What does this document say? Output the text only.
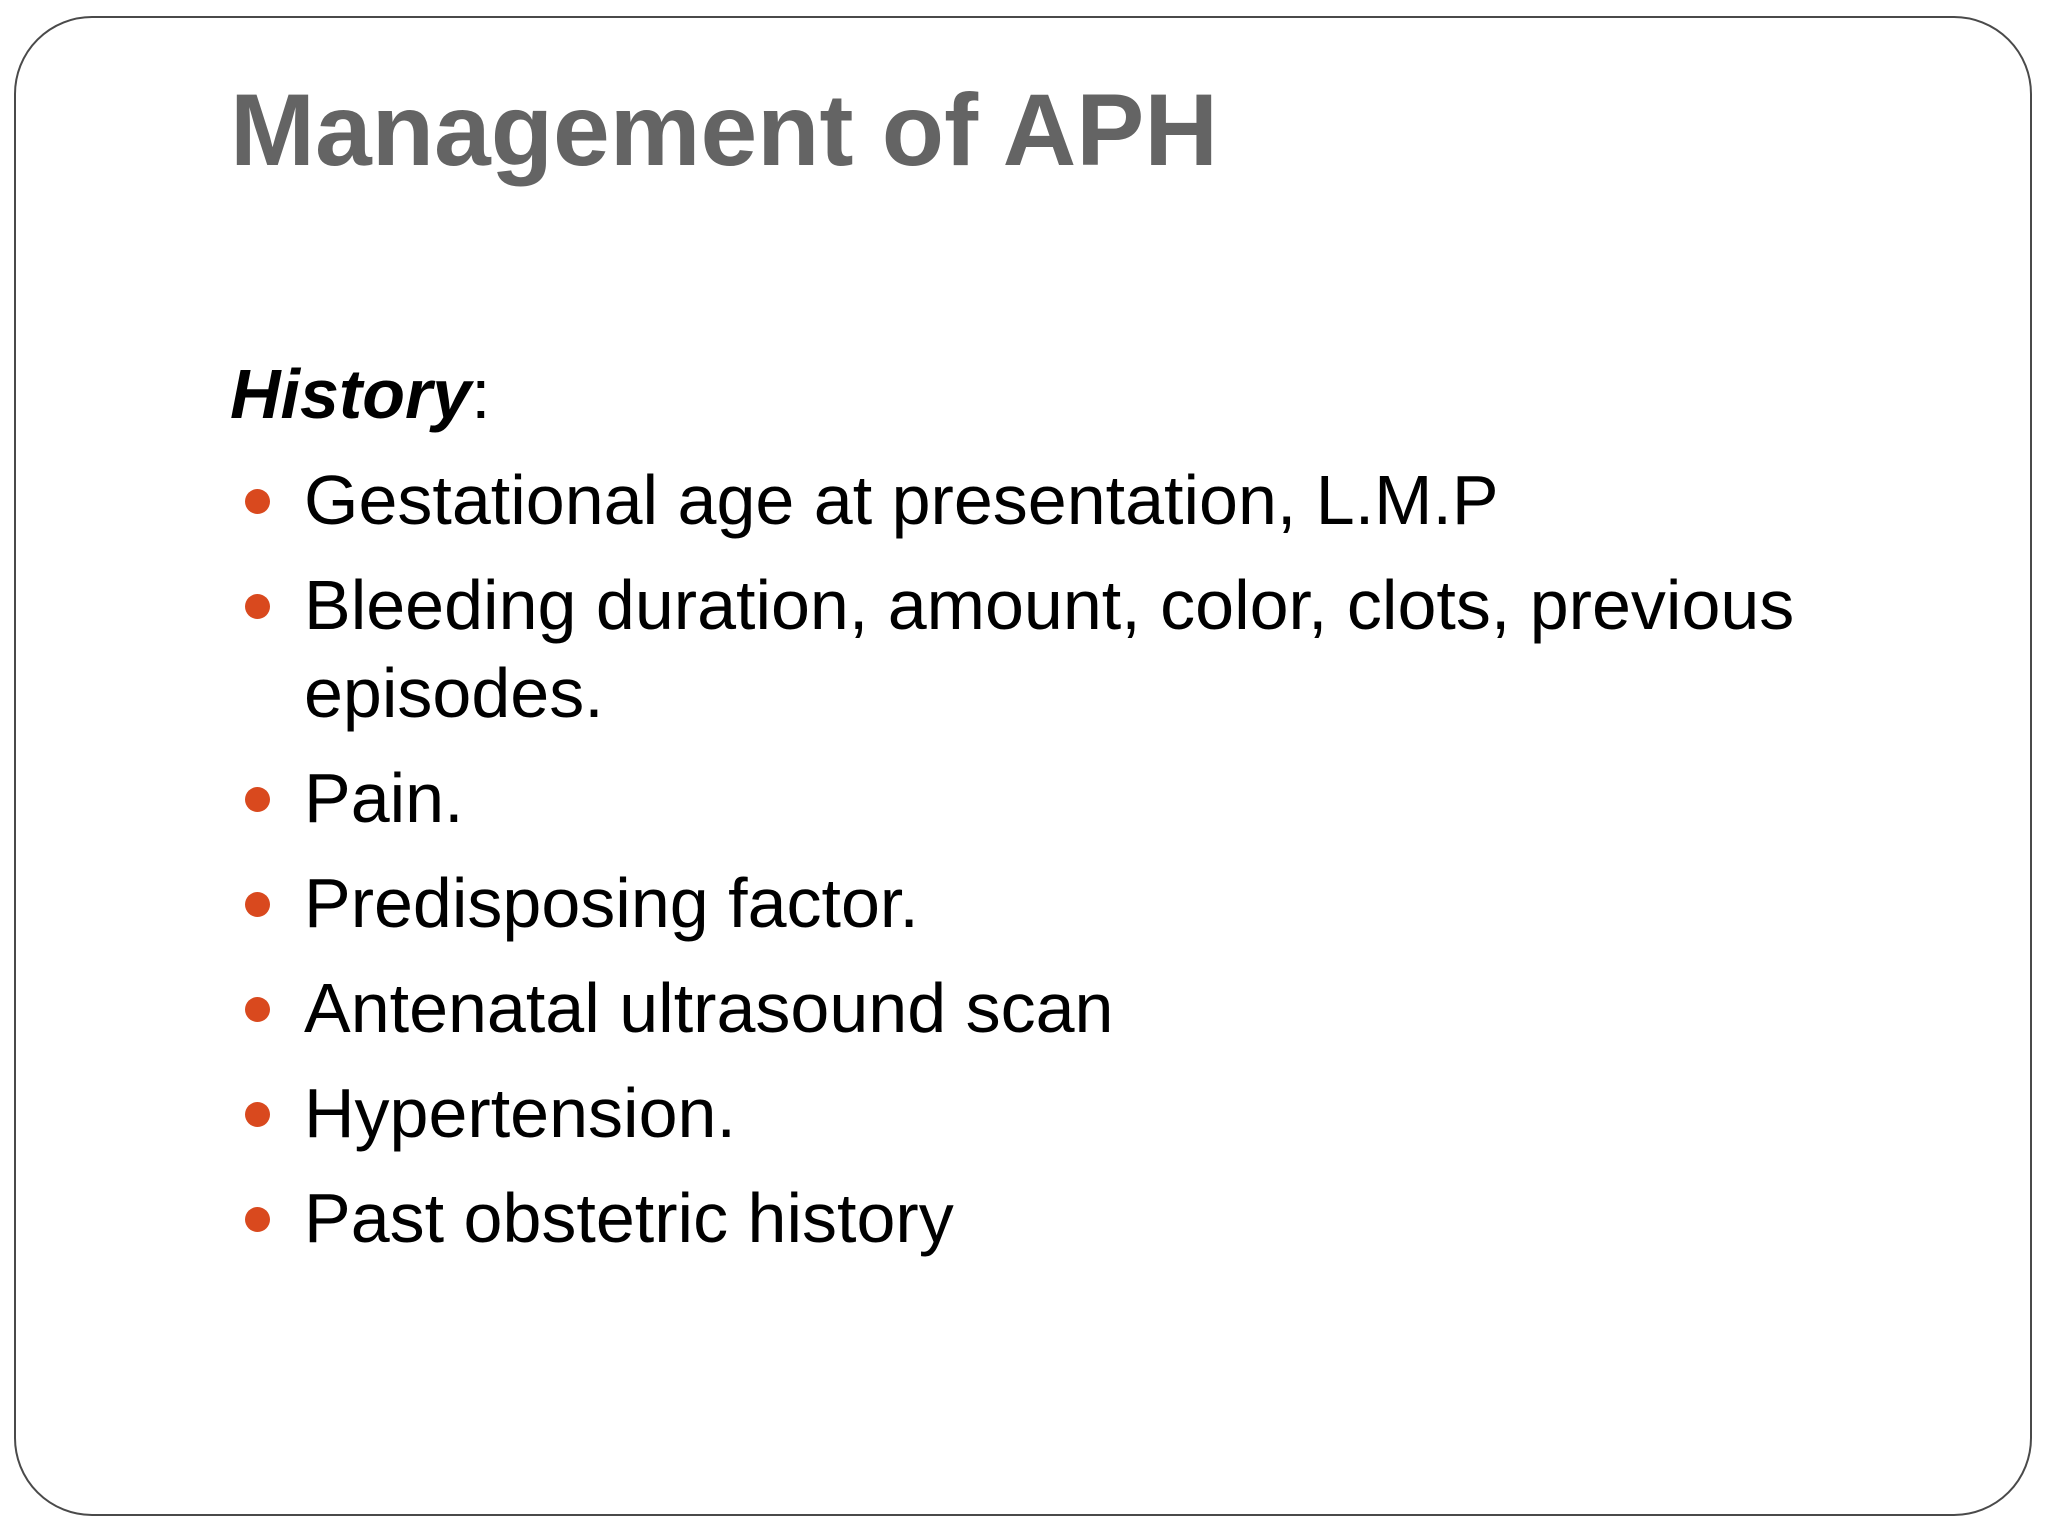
Management of APH

History:

Gestational age at presentation, L.M.P
Bleeding duration, amount, color, clots, previous episodes.
Pain.
Predisposing factor.
Antenatal ultrasound scan
Hypertension.
Past obstetric history
